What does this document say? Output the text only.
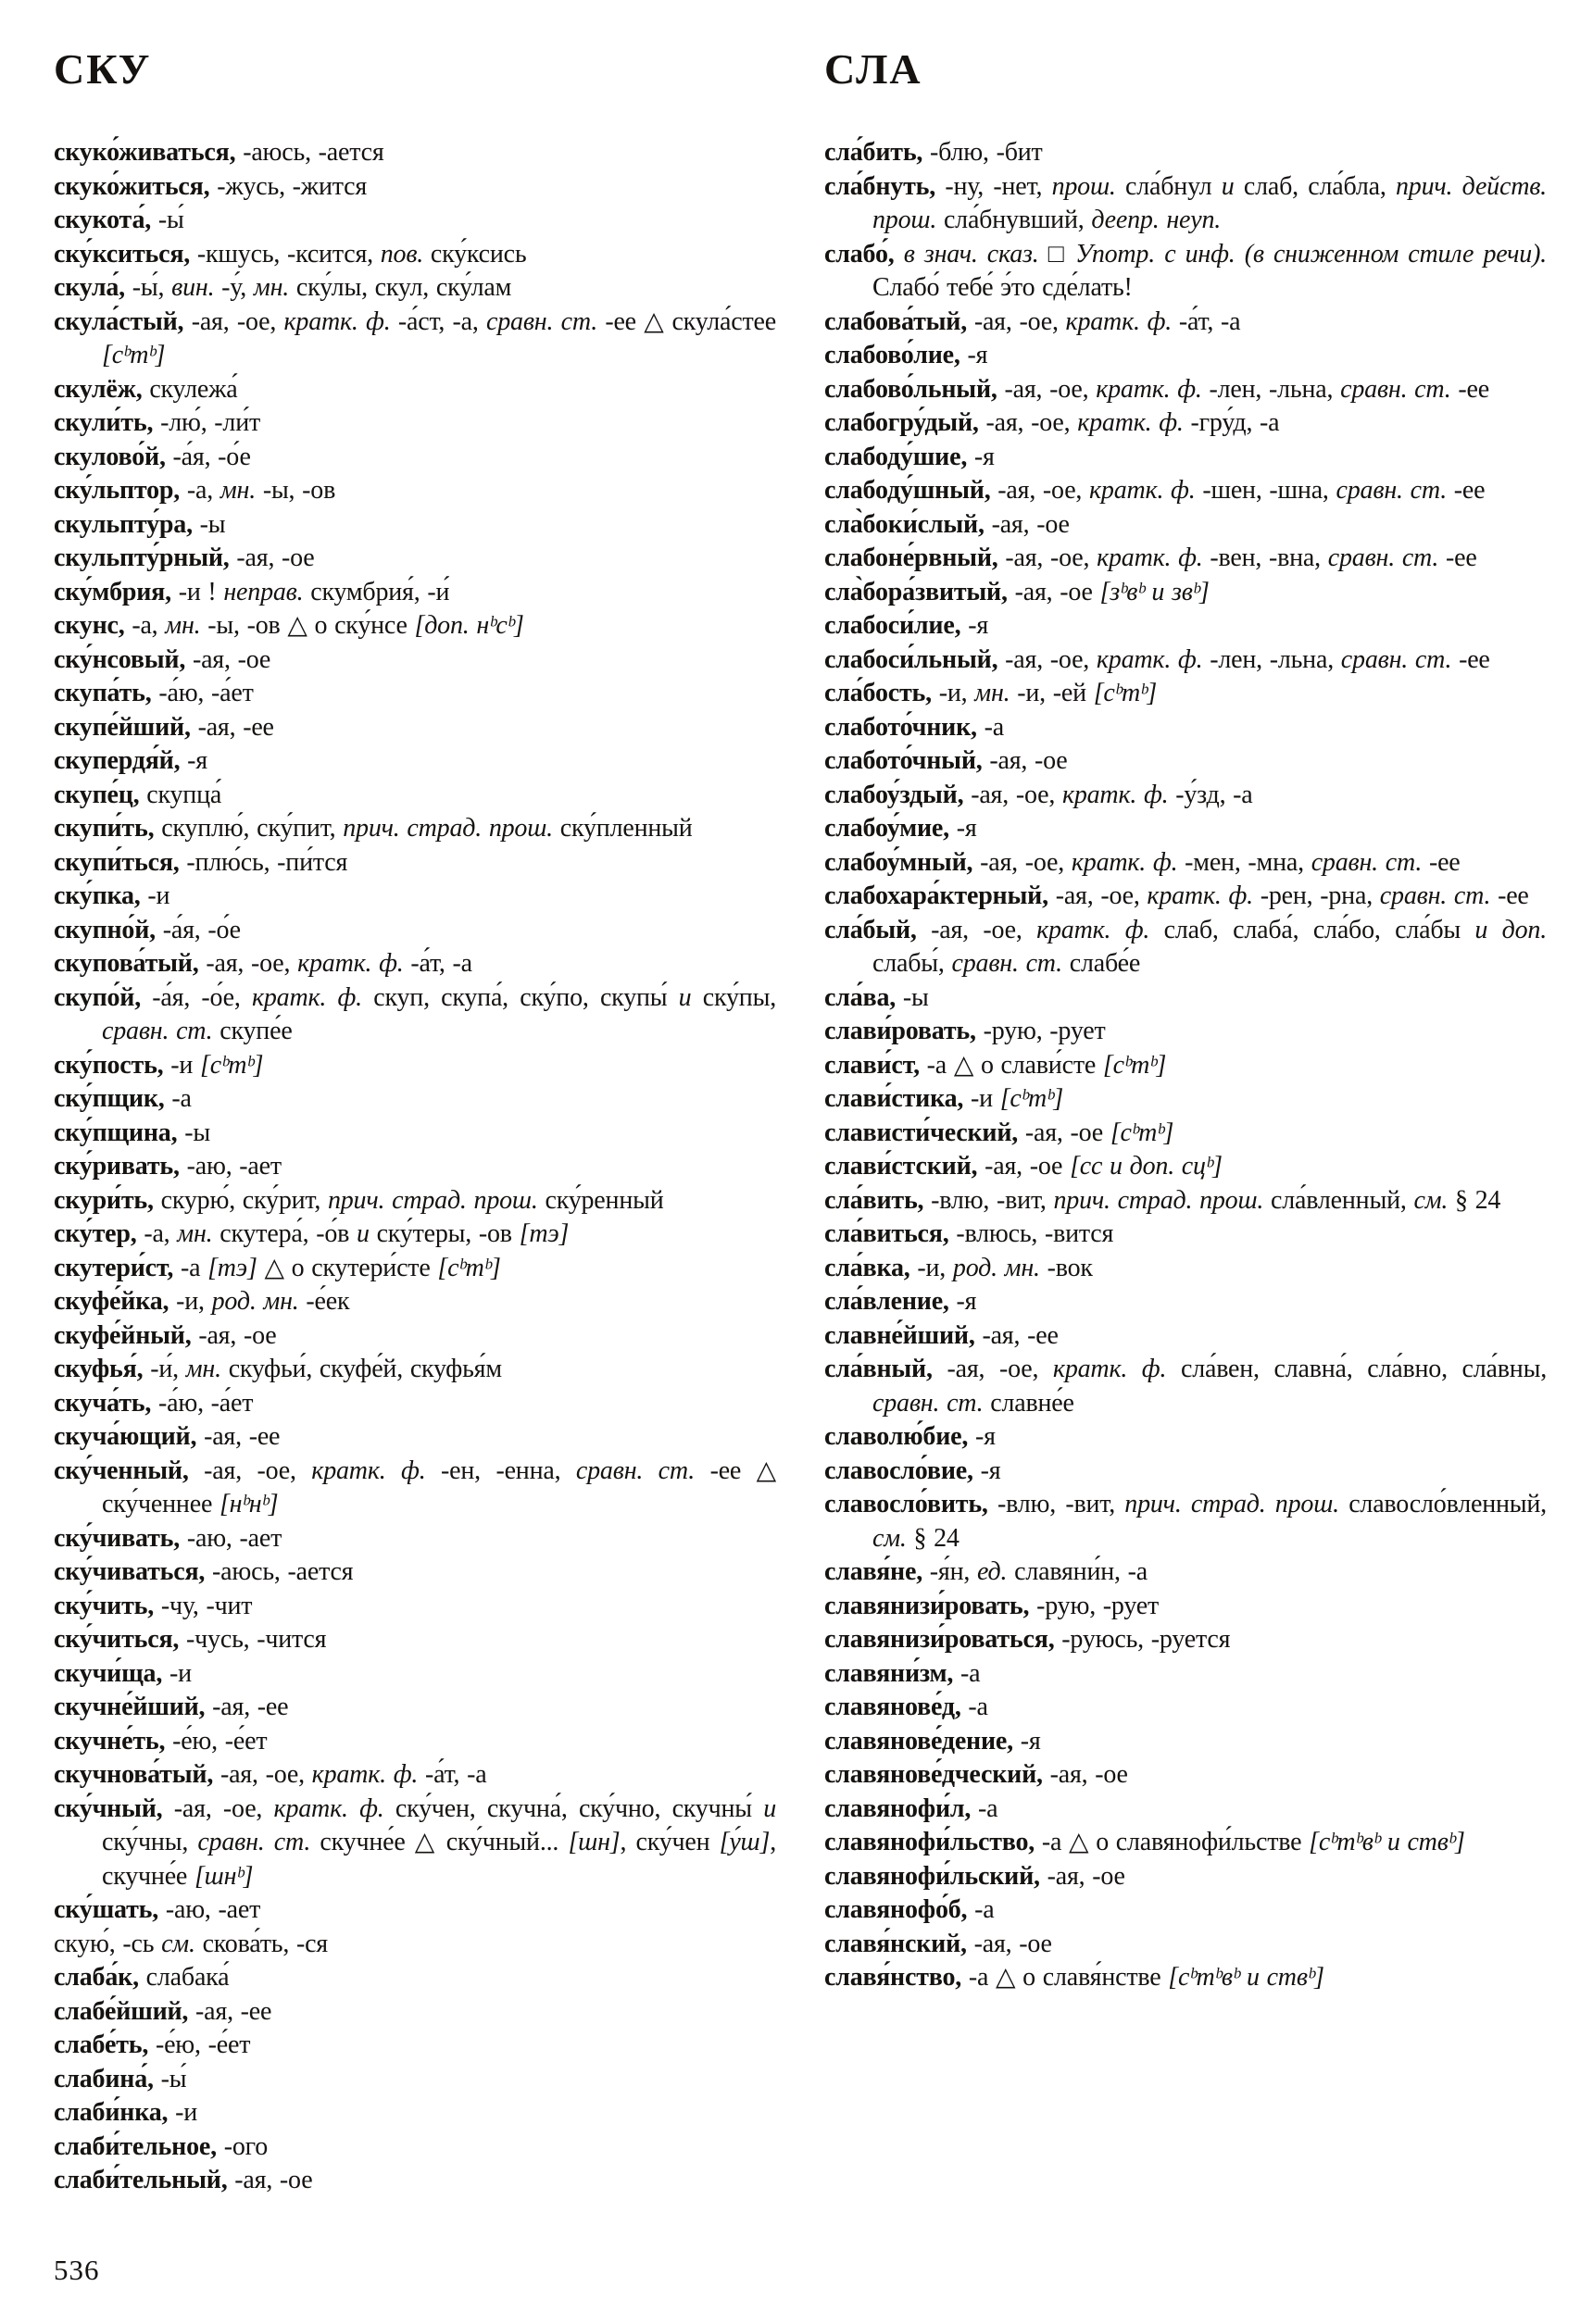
СКУ
скуко́живаться, -аюсь, -ается
скуко́житься, -жусь, -жится
скукота́, -ы́
ску́кситься, -кшусь, -ксится, пов. ску́ксись
скула́, -ы́, вин. -у́, мн. ску́лы, скул, ску́лам
скула́стый, -ая, -ое, кратк. ф. -а́ст, -а, сравн. ст. -ее △ скула́стее [сᵇтᵇ]
скулёж, скулежа́
скули́ть, -лю́, -ли́т
скулово́й, -а́я, -о́е
ску́льптор, -а, мн. -ы, -ов
скульпту́ра, -ы
скульпту́рный, -ая, -ое
ску́мбрия, -и ! неправ. скумбрия́, -и́
скунс, -а, мн. -ы, -ов △ о ску́нсе [доп. нᵇсᵇ]
ску́нсовый, -ая, -ое
скупа́ть, -а́ю, -а́ет
скупе́йший, -ая, -ее
скупердя́й, -я
скупе́ц, скупца́
скупи́ть, скуплю́, ску́пит, прич. страд. прош. ску́пленный
скупи́ться, -плю́сь, -пи́тся
ску́пка, -и
скупно́й, -а́я, -о́е
скупова́тый, -ая, -ое, кратк. ф. -а́т, -а
скупо́й, -а́я, -о́е, кратк. ф. скуп, скупа́, ску́по, скупы́ и ску́пы, сравн. ст. скупе́е
ску́пость, -и [сᵇтᵇ]
ску́пщик, -а
ску́пщина, -ы
ску́ривать, -аю, -ает
скури́ть, скурю́, ску́рит, прич. страд. прош. ску́ренный
ску́тер, -а, мн. скутера́, -о́в и ску́теры, -ов [тэ]
скутери́ст, -а [тэ] △ о скутери́сте [сᵇтᵇ]
скуфе́йка, -и, род. мн. -е́ек
скуфе́йный, -ая, -ое
скуфья́, -и́, мн. скуфьи́, скуфе́й, скуфья́м
скуча́ть, -а́ю, -а́ет
скуча́ющий, -ая, -ее
ску́ченный, -ая, -ое, кратк. ф. -ен, -енна, сравн. ст. -ее △ ску́ченнее [нᵇнᵇ]
ску́чивать, -аю, -ает
ску́чиваться, -аюсь, -ается
ску́чить, -чу, -чит
ску́читься, -чусь, -чится
скучи́ща, -и
скучне́йший, -ая, -ее
скучне́ть, -е́ю, -е́ет
скучнова́тый, -ая, -ое, кратк. ф. -а́т, -а
ску́чный, -ая, -ое, кратк. ф. ску́чен, скучна́, ску́чно, скучны́ и ску́чны, сравн. ст. скучне́е △ ску́чный... [шн], ску́чен [у́ш], скучне́е [шнᵇ]
ску́шать, -аю, -ает
скую́, -сь см. скова́ть, -ся
слаба́к, слабака́
слабе́йший, -ая, -ее
слабе́ть, -е́ю, -е́ет
слабина́, -ы́
слаби́нка, -и
слаби́тельное, -ого
слаби́тельный, -ая, -ое
СЛА
сла́бить, -блю, -бит
сла́бнуть, -ну, -нет, прош. сла́бнул и слаб, сла́бла, прич. действ. прош. сла́бнувший, деепр. неуп.
слабо́, в знач. сказ. □ Употр. с инф. (в сниженном стиле речи). Слабо́ тебе́ э́то сде́лать!
слабова́тый, -ая, -ое, кратк. ф. -а́т, -а
слабово́лие, -я
слабово́льный, -ая, -ое, кратк. ф. -лен, -льна, сравн. ст. -ее
слабогру́дый, -ая, -ое, кратк. ф. -гру́д, -а
слабоду́шие, -я
слабоду́шный, -ая, -ое, кратк. ф. -шен, -шна, сравн. ст. -ее
сла̀боки́слый, -ая, -ое
слабоне́рвный, -ая, -ое, кратк. ф. -вен, -вна, сравн. ст. -ее
сла̀бора́звитый, -ая, -ое [зᵇвᵇ и звᵇ]
слабоси́лие, -я
слабоси́льный, -ая, -ое, кратк. ф. -лен, -льна, сравн. ст. -ее
сла́бость, -и, мн. -и, -ей [сᵇтᵇ]
слабото́чник, -а
слабото́чный, -ая, -ое
слабоу́здый, -ая, -ое, кратк. ф. -у́зд, -а
слабоу́мие, -я
слабоу́мный, -ая, -ое, кратк. ф. -мен, -мна, сравн. ст. -ее
слабохара́ктерный, -ая, -ое, кратк. ф. -рен, -рна, сравн. ст. -ее
сла́бый, -ая, -ое, кратк. ф. слаб, слаба́, сла́бо, сла́бы и доп. слабы́, сравн. ст. слабе́е
сла́ва, -ы
слави́ровать, -рую, -рует
слави́ст, -а △ о слави́сте [сᵇтᵇ]
слави́стика, -и [сᵇтᵇ]
слависти́ческий, -ая, -ое [сᵇтᵇ]
слави́стский, -ая, -ое [сс и доп. сцᵇ]
сла́вить, -влю, -вит, прич. страд. прош. сла́вленный, см. § 24
сла́виться, -влюсь, -вится
сла́вка, -и, род. мн. -вок
сла́вление, -я
славне́йший, -ая, -ее
сла́вный, -ая, -ое, кратк. ф. сла́вен, славна́, сла́вно, сла́вны, сравн. ст. славне́е
славолю́бие, -я
славосло́вие, -я
славосло́вить, -влю, -вит, прич. страд. прош. славосло́вленный, см. § 24
славя́не, -я́н, ед. славяни́н, -а
славянизи́ровать, -рую, -рует
славянизи́роваться, -руюсь, -руется
славяни́зм, -а
славянове́д, -а
славянове́дение, -я
славянове́дческий, -ая, -ое
славянофи́л, -а
славянофи́льство, -а △ о славянофи́льстве [сᵇтᵇвᵇ и ствᵇ]
славянофи́льский, -ая, -ое
славянофо́б, -а
славя́нский, -ая, -ое
славя́нство, -а △ о славя́нстве [сᵇтᵇвᵇ и ствᵇ]
536
